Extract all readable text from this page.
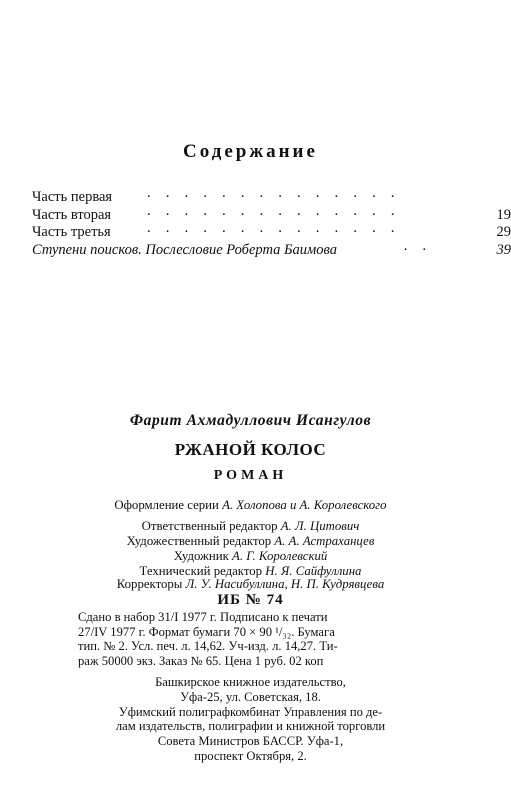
Содержание
Часть первая .    .    .    .    .    .    .    .    .    .    .    .    .    .
Часть вторая .    .    .    .    .    .    .    .    .    .    .    .    .    .	19
Часть третья .    .    .    .    .    .    .    .    .    .    .    .    .    .	29
Ступени поисков. Послесловие Роберта Баимова	.    .	39
Фарит Ахмадуллович Исангулов
РЖАНОЙ КОЛОС
РОМАН
Оформление серии А. Холопова и А. Королевского
Ответственный редактор А. Л. Цитович
Художественный редактор А. А. Астраханцев
Художник А. Г. Королевский
Технический редактор Н. Я. Сайфуллина
Корректоры Л. У. Насибуллина, Н. П. Кудрявцева
ИБ № 74
Сдано в набор 31/I 1977 г. Подписано к печати
27/IV 1977 г. Формат бумаги 70 × 90 ¹/₃₂. Бумага
тип. № 2. Усл. печ. л. 14,62. Уч-изд. л. 14,27. Ти-
раж 50000 экз. Заказ № 65. Цена 1 руб. 02 коп
Башкирское книжное издательство,
Уфа-25, ул. Советская, 18.
Уфимский полиграфкомбинат Управления по де-
лам издательств, полиграфии и книжной торговли
Совета Министров БАССР. Уфа-1,
проспект Октября, 2.
